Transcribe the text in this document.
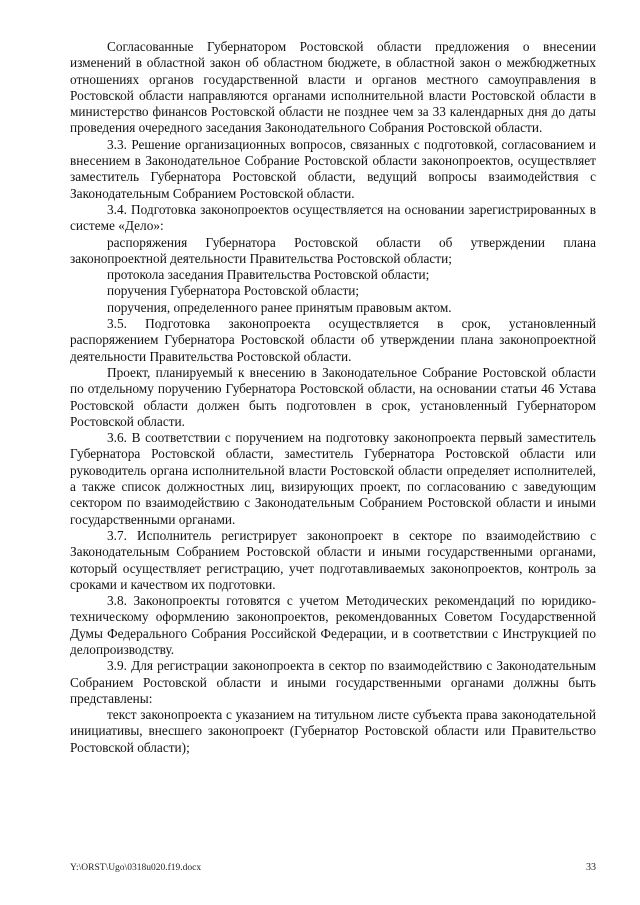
Согласованные Губернатором Ростовской области предложения о внесении изменений в областной закон об областном бюджете, в областной закон о межбюджетных отношениях органов государственной власти и органов местного самоуправления в Ростовской области направляются органами исполнительной власти Ростовской области в министерство финансов Ростовской области не позднее чем за 33 календарных дня до даты проведения очередного заседания Законодательного Собрания Ростовской области.

3.3. Решение организационных вопросов, связанных с подготовкой, согласованием и внесением в Законодательное Собрание Ростовской области законопроектов, осуществляет заместитель Губернатора Ростовской области, ведущий вопросы взаимодействия с Законодательным Собранием Ростовской области.

3.4. Подготовка законопроектов осуществляется на основании зарегистрированных в системе «Дело»:

распоряжения Губернатора Ростовской области об утверждении плана законопроектной деятельности Правительства Ростовской области;

протокола заседания Правительства Ростовской области;

поручения Губернатора Ростовской области;

поручения, определенного ранее принятым правовым актом.

3.5. Подготовка законопроекта осуществляется в срок, установленный распоряжением Губернатора Ростовской области об утверждении плана законопроектной деятельности Правительства Ростовской области.

Проект, планируемый к внесению в Законодательное Собрание Ростовской области по отдельному поручению Губернатора Ростовской области, на основании статьи 46 Устава Ростовской области должен быть подготовлен в срок, установленный Губернатором Ростовской области.

3.6. В соответствии с поручением на подготовку законопроекта первый заместитель Губернатора Ростовской области, заместитель Губернатора Ростовской области или руководитель органа исполнительной власти Ростовской области определяет исполнителей, а также список должностных лиц, визирующих проект, по согласованию с заведующим сектором по взаимодействию с Законодательным Собранием Ростовской области и иными государственными органами.

3.7. Исполнитель регистрирует законопроект в секторе по взаимодействию с Законодательным Собранием Ростовской области и иными государственными органами, который осуществляет регистрацию, учет подготавливаемых законопроектов, контроль за сроками и качеством их подготовки.

3.8. Законопроекты готовятся с учетом Методических рекомендаций по юридико-техническому оформлению законопроектов, рекомендованных Советом Государственной Думы Федерального Собрания Российской Федерации, и в соответствии с Инструкцией по делопроизводству.

3.9. Для регистрации законопроекта в сектор по взаимодействию с Законодательным Собранием Ростовской области и иными государственными органами должны быть представлены:

текст законопроекта с указанием на титульном листе субъекта права законодательной инициативы, внесшего законопроект (Губернатор Ростовской области или Правительство Ростовской области);

Y:\ORST\Ugo\0318u020.f19.docx	33
